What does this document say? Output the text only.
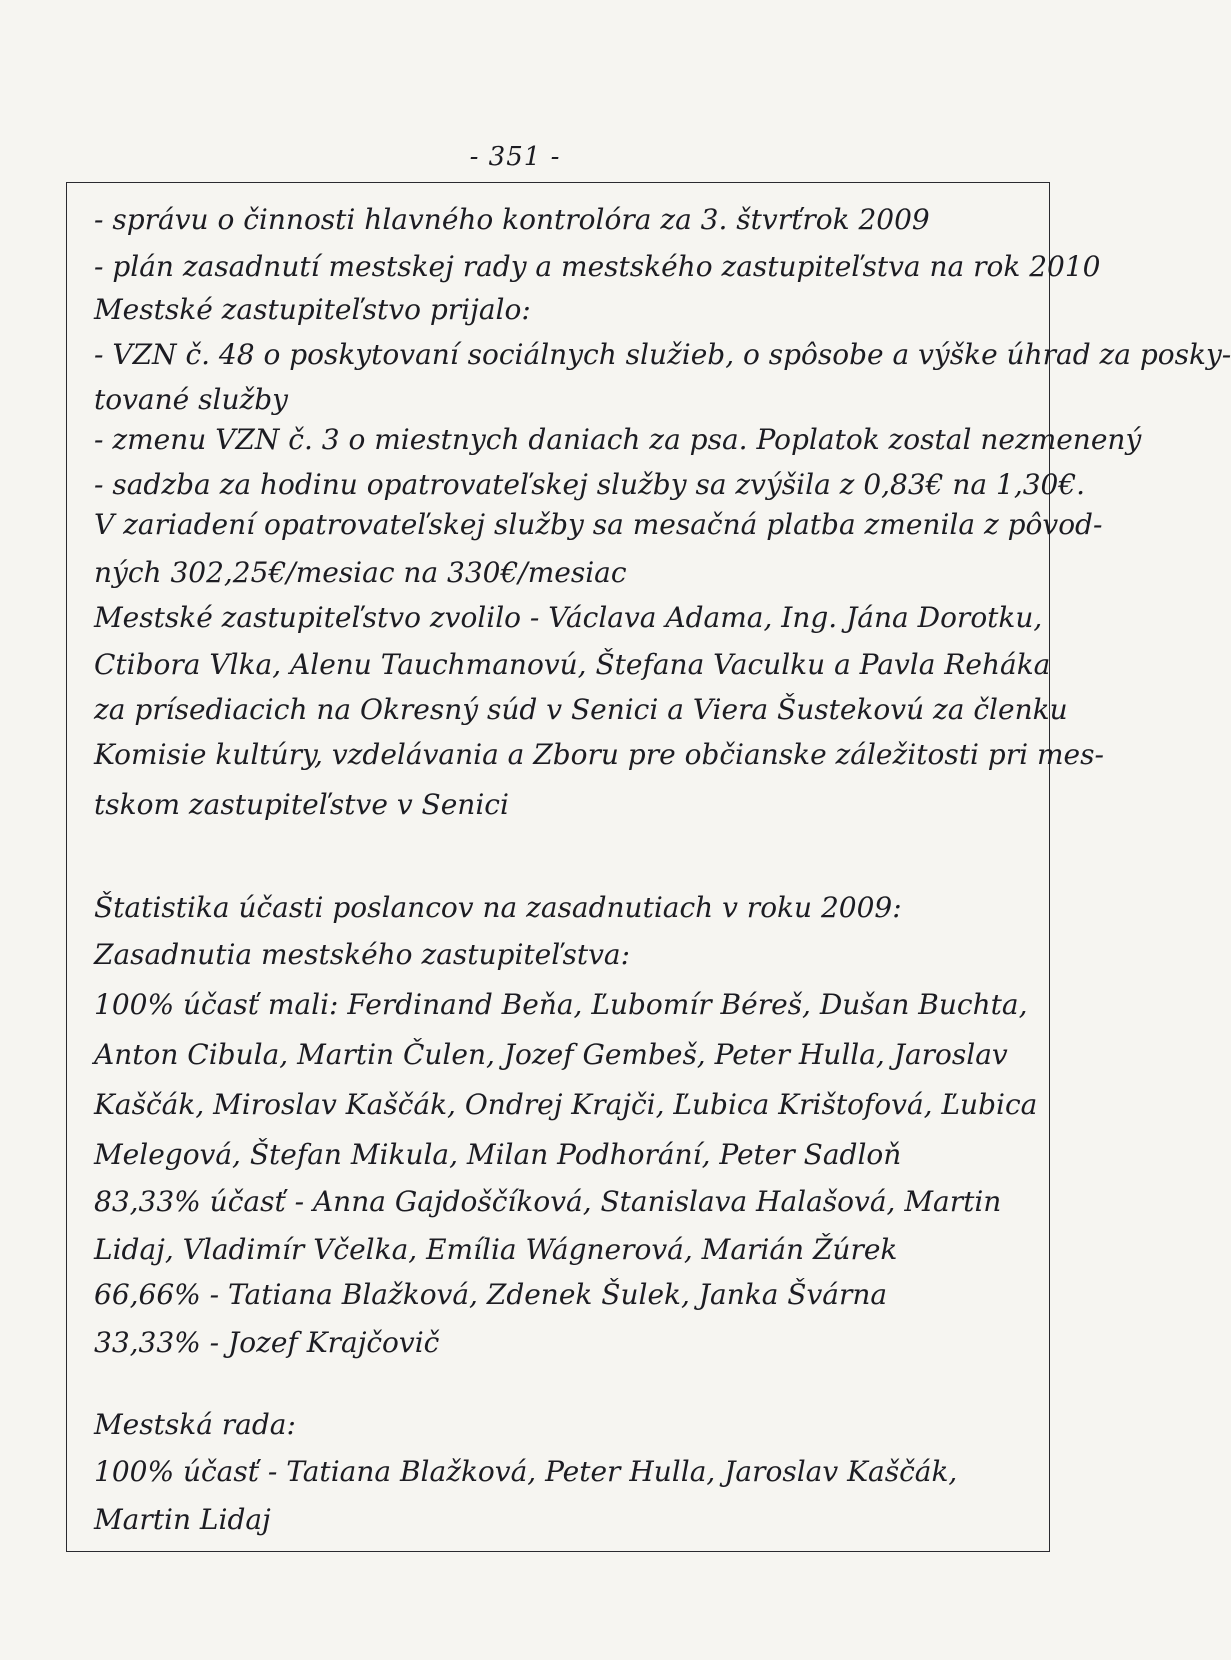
- 351 -
- správu o činnosti hlavného kontrolóra za 3. štvrťrok 2009
- plán zasadnutí mestskej rady a mestského zastupiteľstva na rok 2010
Mestské zastupiteľstvo prijalo:
- VZN č. 48 o poskytovaní sociálnych služieb, o spôsobe a výške úhrad za posky-
tované služby
- zmenu VZN č. 3 o miestnych daniach za psa. Poplatok zostal nezmenený
- sadzba za hodinu opatrovateľskej služby sa zvýšila z 0,83€ na 1,30€.
V zariadení opatrovateľskej služby sa mesačná platba zmenila z pôvod-
ných 302,25€/mesiac na 330€/mesiac
Mestské zastupiteľstvo zvolilo - Václava Adama, Ing. Jána Dorotku,
Ctibora Vlka, Alenu Tauchmanovú, Štefana Vaculku a Pavla Reháka
za prísediacich na Okresný súd v Senici a Viera Šustekovú za členku
Komisie kultúry, vzdelávania a Zboru pre občianske záležitosti pri mes-
tskom zastupiteľstve v Senici
Štatistika účasti poslancov na zasadnutiach v roku 2009:
Zasadnutia mestského zastupiteľstva:
100% účasť mali: Ferdinand Beňa, Ľubomír Béreš, Dušan Buchta,
Anton Cibula, Martin Čulen, Jozef Gembeš, Peter Hulla, Jaroslav
Kaščák, Miroslav Kaščák, Ondrej Krajči, Ľubica Krištofová, Ľubica
Melegová, Štefan Mikula, Milan Podhorání, Peter Sadloň
83,33% účasť - Anna Gajdoščíková, Stanislava Halašová, Martin
Lidaj, Vladimír Včelka, Emília Wágnerová, Marián Žúrek
66,66% - Tatiana Blažková, Zdenek Šulek, Janka Švárna
33,33% - Jozef Krajčovič
Mestská rada:
100% účasť - Tatiana Blažková, Peter Hulla, Jaroslav Kaščák,
Martin Lidaj
